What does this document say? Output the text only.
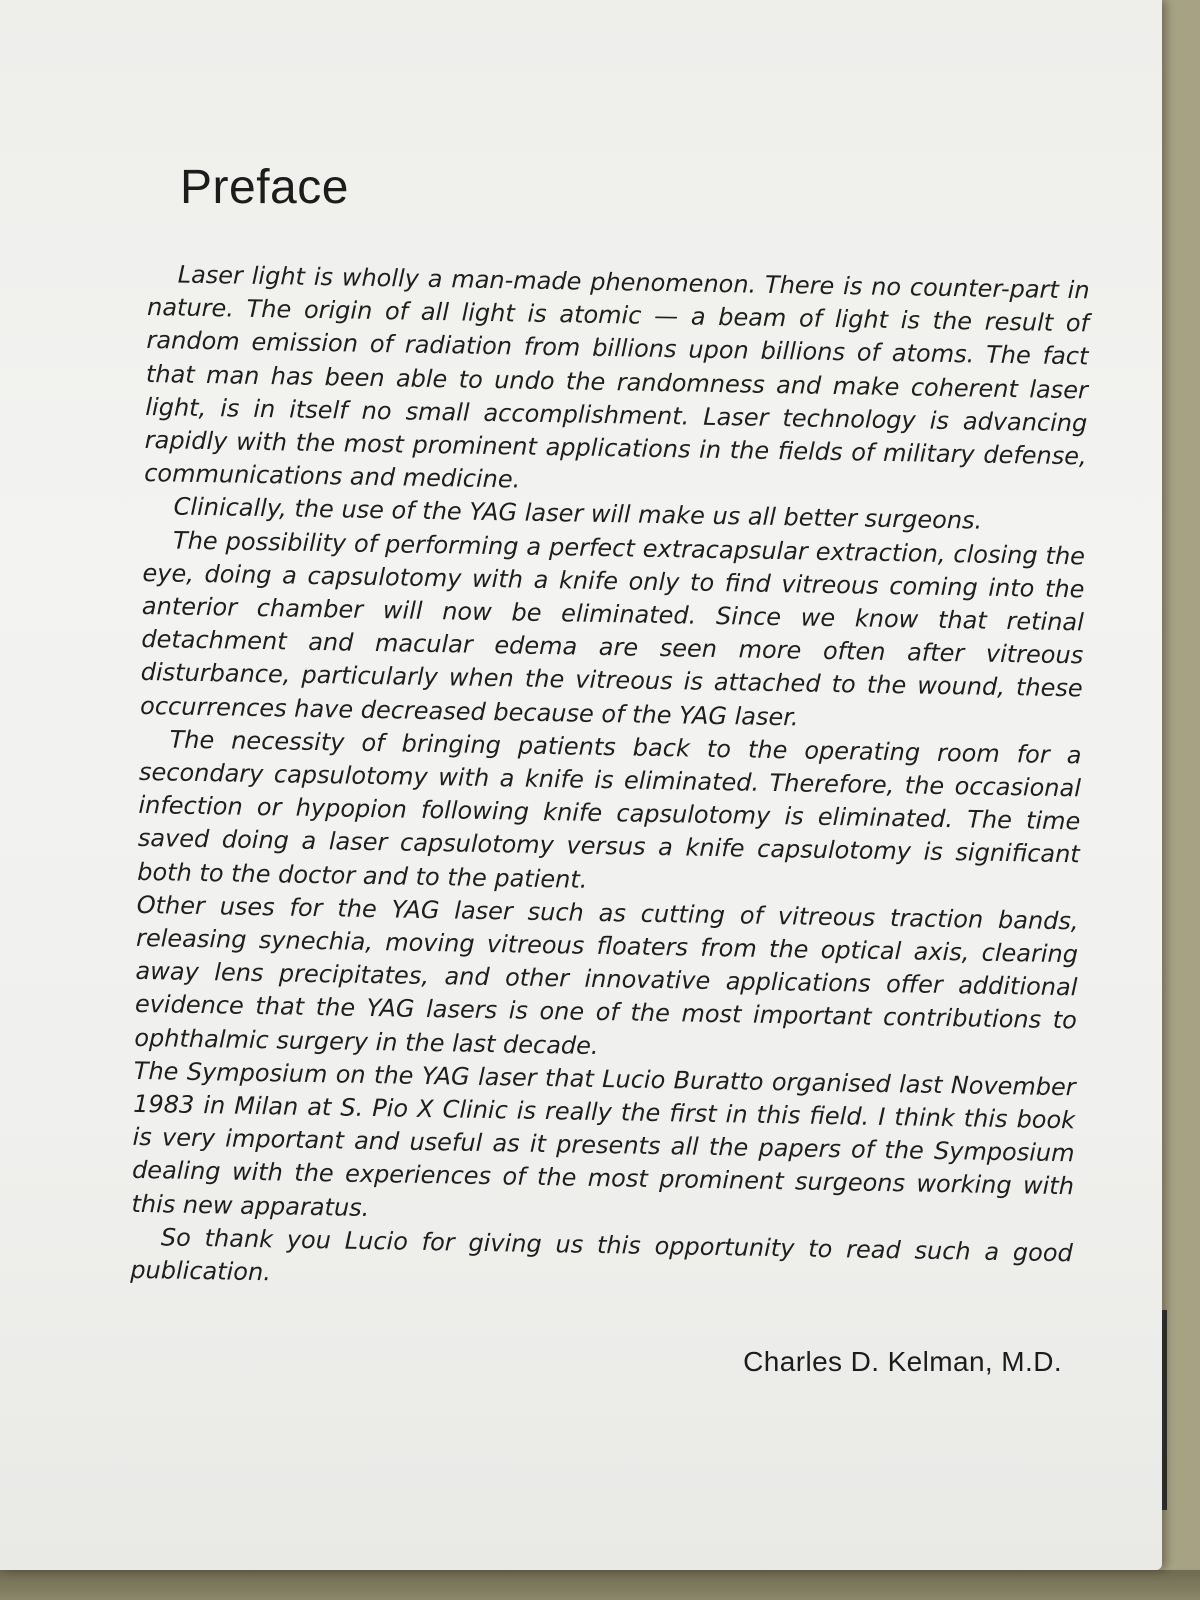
Preface

Laser light is wholly a man-made phenomenon. There is no counter-part in nature. The origin of all light is atomic — a beam of light is the result of random emission of radiation from billions upon billions of atoms. The fact that man has been able to undo the randomness and make coherent laser light, is in itself no small accomplishment. Laser technology is advancing rapidly with the most prominent applications in the fields of military defense, communications and medicine.

Clinically, the use of the YAG laser will make us all better surgeons.

The possibility of performing a perfect extracapsular extraction, closing the eye, doing a capsulotomy with a knife only to find vitreous coming into the anterior chamber will now be eliminated. Since we know that retinal detachment and macular edema are seen more often after vitreous disturbance, particularly when the vitreous is attached to the wound, these occurrences have decreased because of the YAG laser.

The necessity of bringing patients back to the operating room for a secondary capsulotomy with a knife is eliminated. Therefore, the occasional infection or hypopion following knife capsulotomy is eliminated. The time saved doing a laser capsulotomy versus a knife capsulotomy is significant both to the doctor and to the patient.

Other uses for the YAG laser such as cutting of vitreous traction bands, releasing synechia, moving vitreous floaters from the optical axis, clearing away lens precipitates, and other innovative applications offer additional evidence that the YAG lasers is one of the most important contributions to ophthalmic surgery in the last decade.

The Symposium on the YAG laser that Lucio Buratto organised last November 1983 in Milan at S. Pio X Clinic is really the first in this field. I think this book is very important and useful as it presents all the papers of the Symposium dealing with the experiences of the most prominent surgeons working with this new apparatus.

So thank you Lucio for giving us this opportunity to read such a good publication.

Charles D. Kelman, M.D.
